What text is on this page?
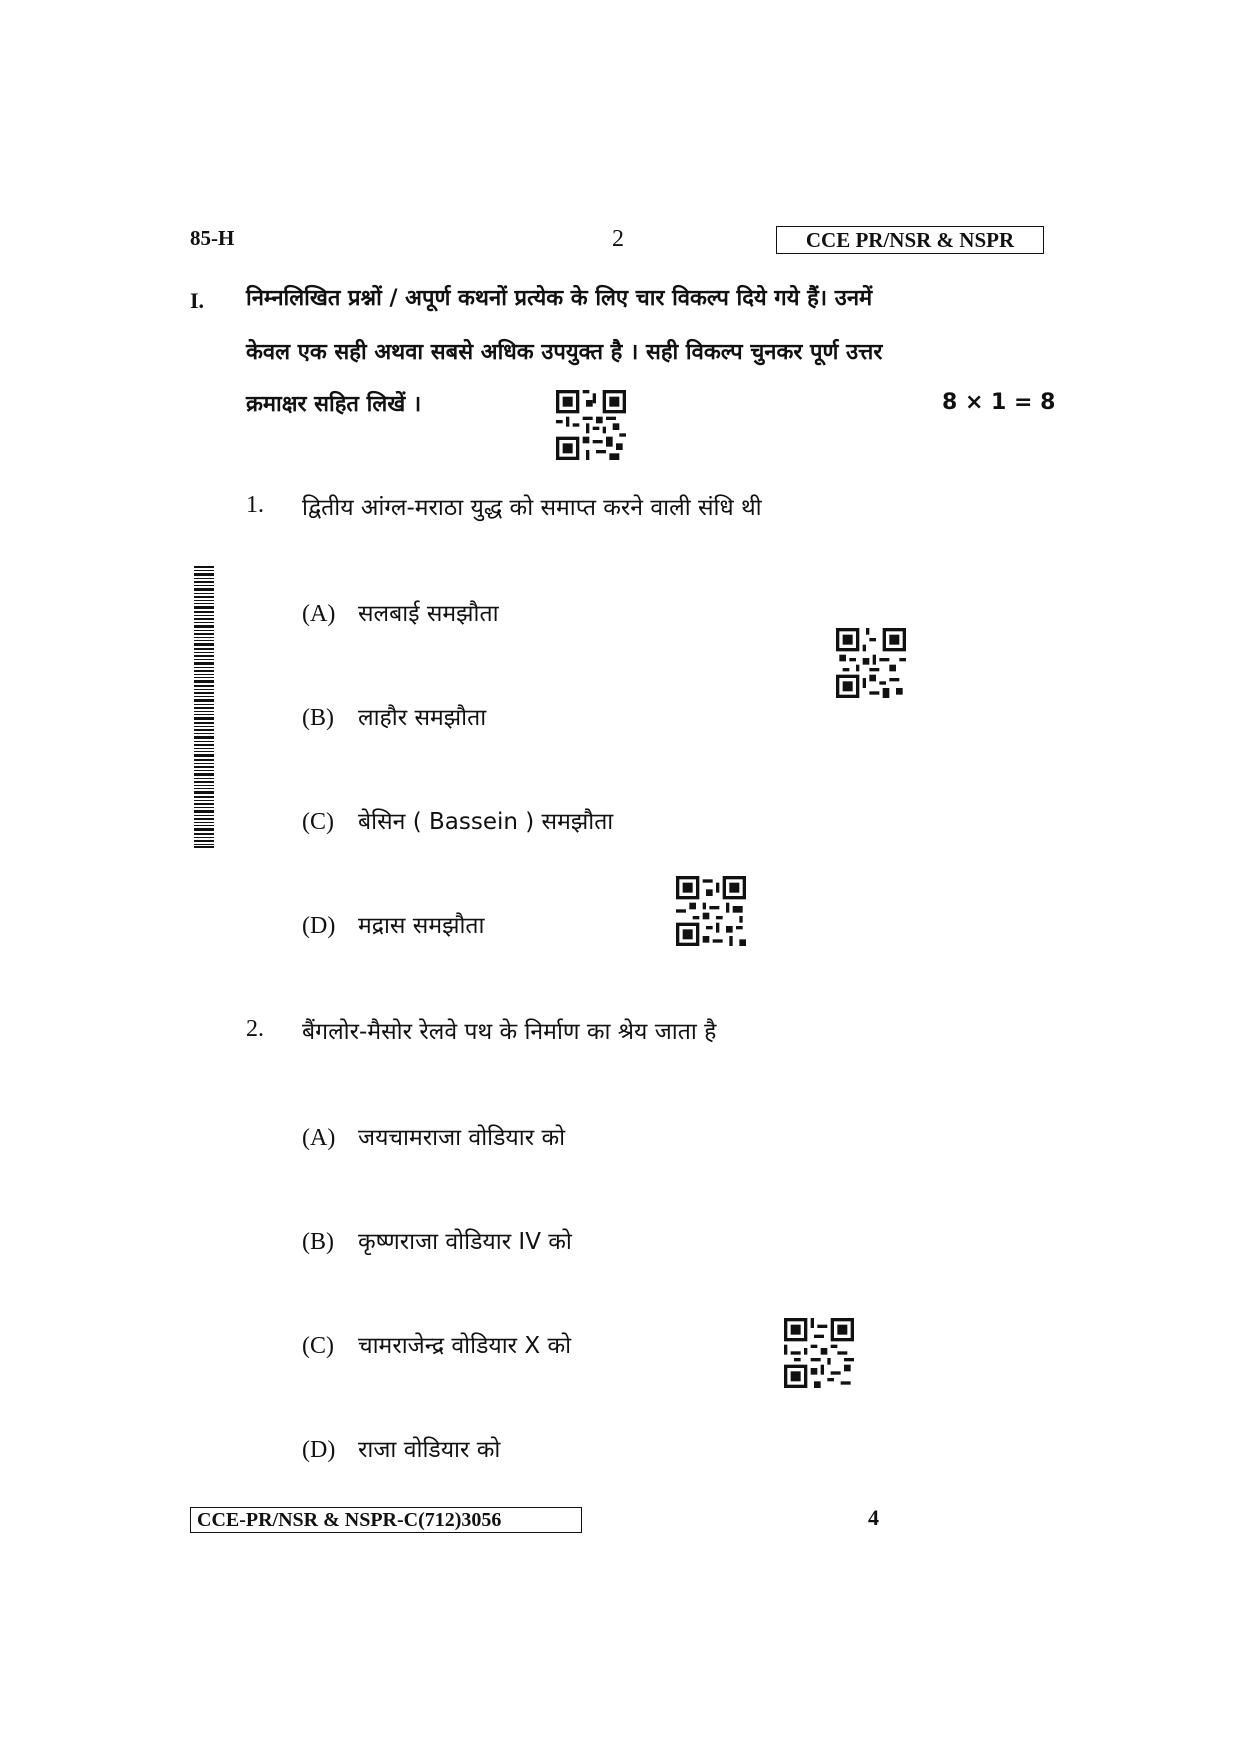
85-H	2	CCE PR/NSR & NSPR
I. निम्नलिखित प्रश्नों / अपूर्ण कथनों प्रत्येक के लिए चार विकल्प दिये गये हैं। उनमें
केवल एक सही अथवा सबसे अधिक उपयुक्त है । सही विकल्प चुनकर पूर्ण उत्तर
क्रमाक्षर सहित लिखें ।	8 × 1 = 8
1. द्वितीय आंग्ल-मराठा युद्ध को समाप्त करने वाली संधि थी
(A) सलबाई समझौता
(B) लाहौर समझौता
(C) बेसिन ( Bassein ) समझौता
(D) मद्रास समझौता
2. बैंगलोर-मैसोर रेलवे पथ के निर्माण का श्रेय जाता है
(A) जयचामराजा वोडियार को
(B) कृष्णराजा वोडियार IV को
(C) चामराजेन्द्र वोडियार X को
(D) राजा वोडियार को
CCE-PR/NSR & NSPR-C(712)3056	4
